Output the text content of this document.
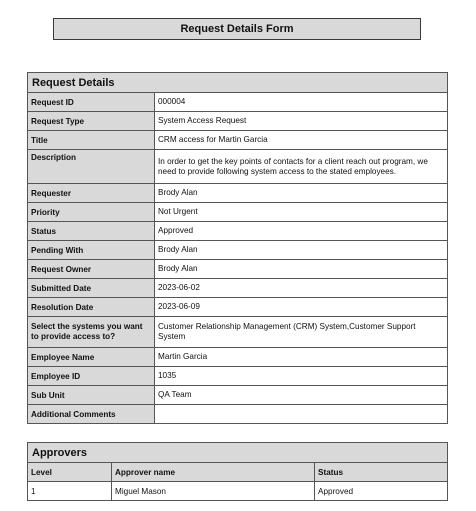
Request Details Form
Request Details	
Request ID	000004
Request Type	System Access Request
Title	CRM access for Martin Garcia
Description	In order to get the key points of contacts for a client reach out program, we need to provide following system access to the stated employees.
Requester	Brody Alan
Priority	Not Urgent
Status	Approved
Pending With	Brody Alan
Request Owner	Brody Alan
Submitted Date	2023-06-02
Resolution Date	2023-06-09
Select the systems you want to provide access to?	Customer Relationship Management (CRM) System,Customer Support System
Employee Name	Martin Garcia
Employee ID	1035
Sub Unit	QA Team
Additional Comments	
Approvers		
Level	Approver name	Status
1	Miguel Mason	Approved
